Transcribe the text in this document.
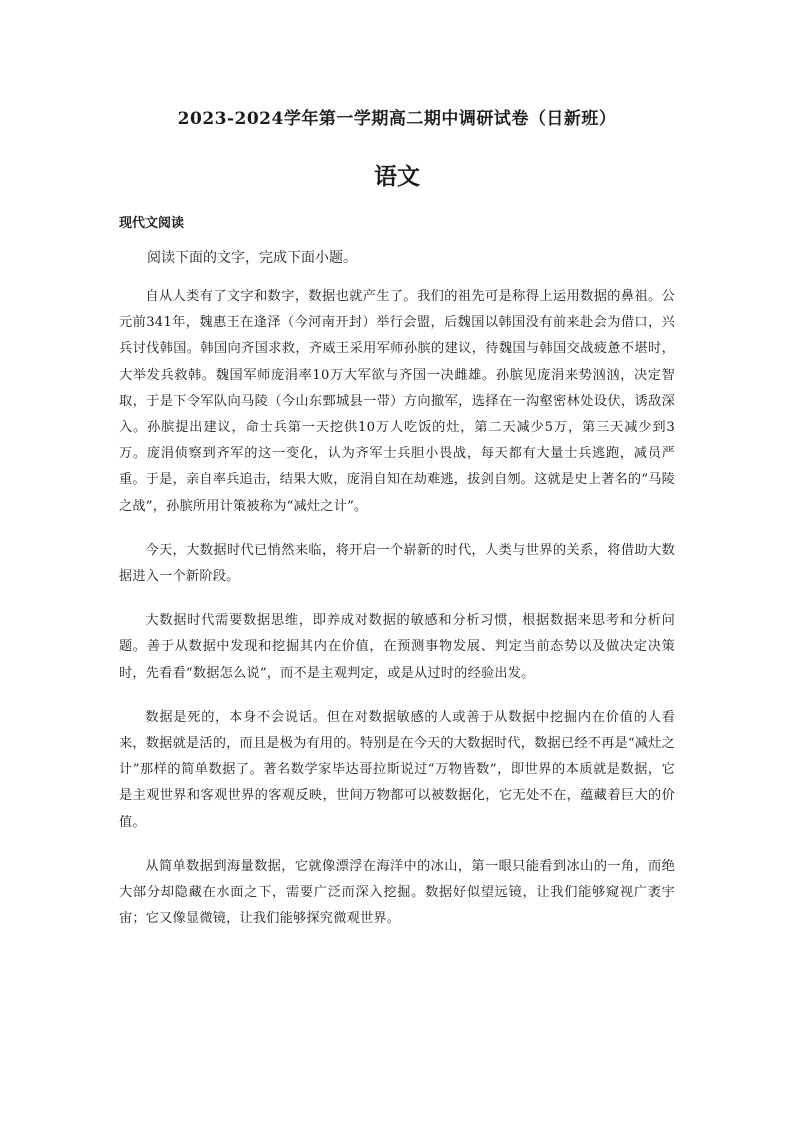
2023-2024学年第一学期高二期中调研试卷（日新班）
语文
现代文阅读
阅读下面的文字，完成下面小题。

自从人类有了文字和数字，数据也就产生了。我们的祖先可是称得上运用数据的鼻祖。公元前341年，魏惠王在逢泽（今河南开封）举行会盟，后魏国以韩国没有前来赴会为借口，兴兵讨伐韩国。韩国向齐国求救，齐威王采用军师孙膑的建议，待魏国与韩国交战疲惫不堪时，大举发兵救韩。魏国军师庞涓率10万大军欲与齐国一决雌雄。孙膑见庞涓来势汹汹，决定智取，于是下令军队向马陵（今山东鄄城县一带）方向撤军，选择在一沟壑密林处设伏，诱敌深入。孙膑提出建议，命士兵第一天挖供10万人吃饭的灶，第二天减少5万，第三天减少到3万。庞涓侦察到齐军的这一变化，认为齐军士兵胆小畏战，每天都有大量士兵逃跑，减员严重。于是，亲自率兵追击，结果大败，庞涓自知在劫难逃，拔剑自刎。这就是史上著名的“马陵之战”，孙膑所用计策被称为“减灶之计”。

今天，大数据时代已悄然来临，将开启一个崭新的时代，人类与世界的关系，将借助大数据进入一个新阶段。

大数据时代需要数据思维，即养成对数据的敏感和分析习惯，根据数据来思考和分析问题。善于从数据中发现和挖掘其内在价值，在预测事物发展、判定当前态势以及做决定决策时，先看看“数据怎么说”，而不是主观判定，或是从过时的经验出发。

数据是死的，本身不会说话。但在对数据敏感的人或善于从数据中挖掘内在价值的人看来，数据就是活的，而且是极为有用的。特别是在今天的大数据时代，数据已经不再是“减灶之计”那样的简单数据了。著名数学家毕达哥拉斯说过“万物皆数”，即世界的本质就是数据，它是主观世界和客观世界的客观反映，世间万物都可以被数据化，它无处不在，蕴藏着巨大的价值。

从简单数据到海量数据，它就像漂浮在海洋中的冰山，第一眼只能看到冰山的一角，而绝大部分却隐藏在水面之下，需要广泛而深入挖掘。数据好似望远镜，让我们能够窥视广袤宇宙；它又像显微镜，让我们能够探究微观世界。
